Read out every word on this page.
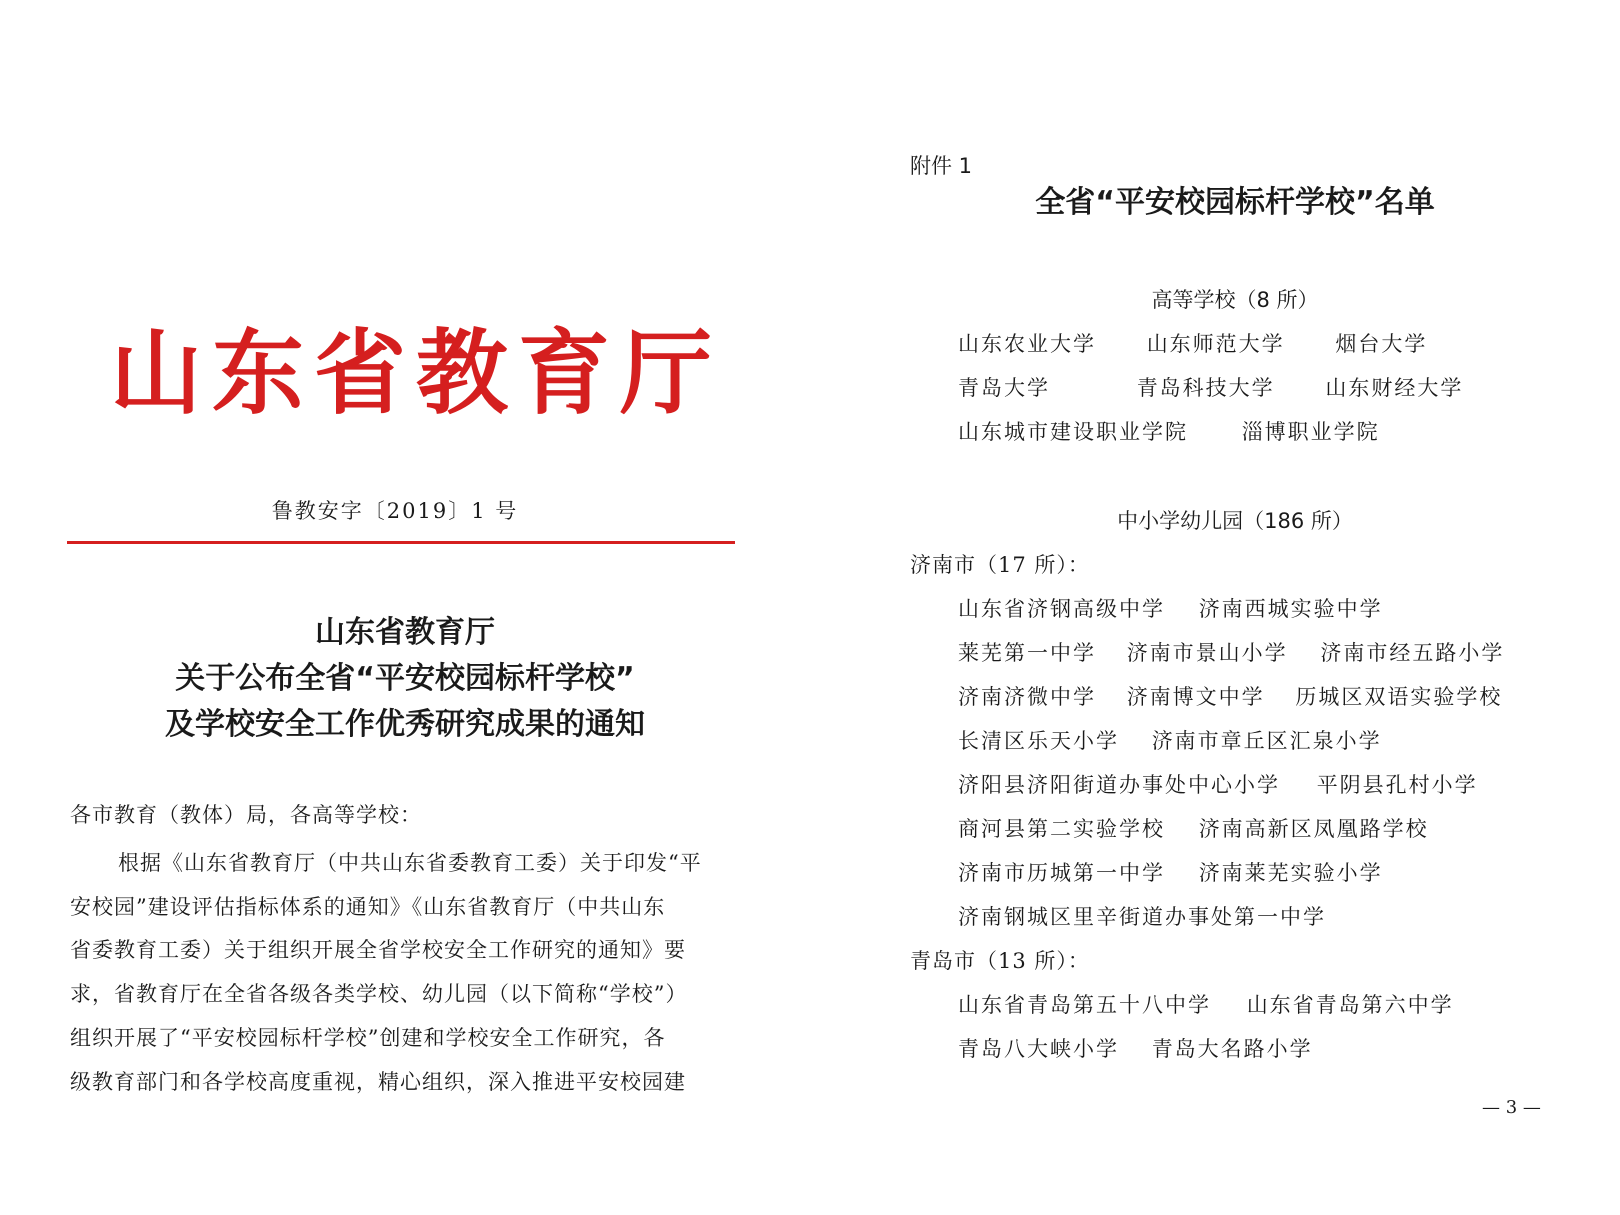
山东省教育厅
鲁教安字〔2019〕1 号
山东省教育厅
关于公布全省“平安校园标杆学校”
及学校安全工作优秀研究成果的通知
各市教育（教体）局，各高等学校：
根据《山东省教育厅（中共山东省委教育工委）关于印发“平
安校园”建设评估指标体系的通知》《山东省教育厅（中共山东
省委教育工委）关于组织开展全省学校安全工作研究的通知》要
求，省教育厅在全省各级各类学校、幼儿园（以下简称“学校”）
组织开展了“平安校园标杆学校”创建和学校安全工作研究，各
级教育部门和各学校高度重视，精心组织，深入推进平安校园建
附件 1
全省“平安校园标杆学校”名单
高等学校（8 所）
山东农业大学 山东师范大学 烟台大学
青岛大学	青岛科技大学 山东财经大学
山东城市建设职业学院	淄博职业学院
中小学幼儿园（186 所）
济南市（17 所）：
山东省济钢高级中学 济南西城实验中学
莱芜第一中学 济南市景山小学 济南市经五路小学
济南济微中学 济南博文中学 历城区双语实验学校
长清区乐天小学 济南市章丘区汇泉小学
济阳县济阳街道办事处中心小学 平阴县孔村小学
商河县第二实验学校 济南高新区凤凰路学校
济南市历城第一中学 济南莱芜实验小学
济南钢城区里辛街道办事处第一中学
青岛市（13 所）：
山东省青岛第五十八中学 山东省青岛第六中学
青岛八大峡小学 青岛大名路小学
— 3 —
